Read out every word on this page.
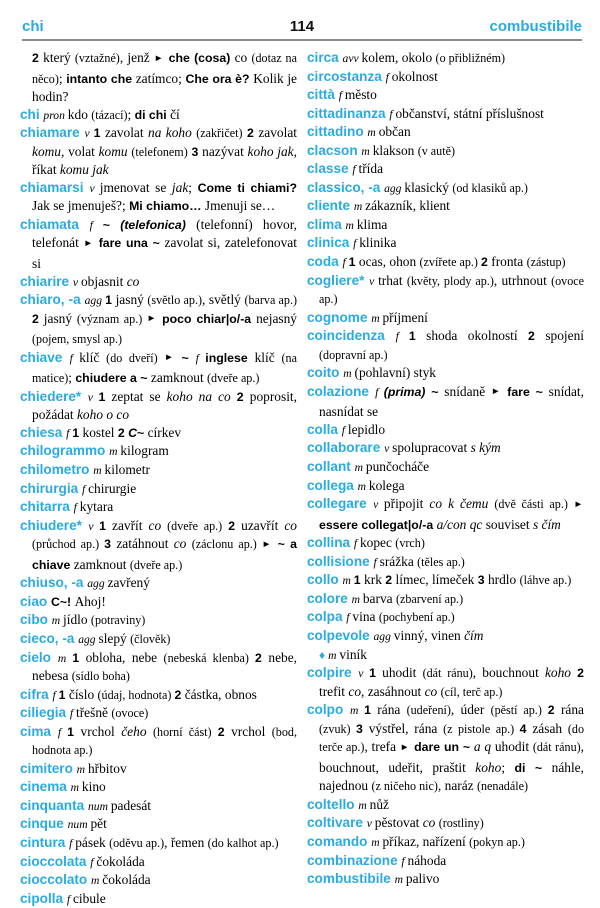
chi	114	combustibile

2 který (vztažné), jenž ► che (cosa) co (dotaz na něco); intanto che zatímco; Che ora è? Kolik je hodin?

chi pron kdo (tázací); di chi čí

chiamare v 1 zavolat na koho (zakřičet) 2 zavolat komu, volat komu (telefonem) 3 nazývat koho jak, říkat komu jak

chiamarsi v jmenovat se jak; Come ti chiami? Jak se jmenuješ?; Mi chiamo… Jmenuji se…

chiamata f ~ (telefonica) (telefonní) hovor, telefonát ► fare una ~ zavolat si, zatelefonovat si

chiarire v objasnit co

chiaro, -a agg 1 jasný (světlo ap.), světlý (barva ap.) 2 jasný (význam ap.) ► poco chiar|o/-a nejasný (pojem, smysl ap.)

chiave f klíč (do dveří) ► ~ f inglese klíč (na matice); chiudere a ~ zamknout (dveře ap.)

chiedere* v 1 zeptat se koho na co 2 poprosit, požádat koho o co

chiesa f 1 kostel 2 C~ církev

chilogrammo m kilogram

chilometro m kilometr

chirurgia f chirurgie

chitarra f kytara

chiudere* v 1 zavřít co (dveře ap.) 2 uzavřít co (průchod ap.) 3 zatáhnout co (záclonu ap.) ► ~ a chiave zamknout (dveře ap.)

chiuso, -a agg zavřený

ciao C~! Ahoj!

cibo m jídlo (potraviny)

cieco, -a agg slepý (člověk)

cielo m 1 obloha, nebe (nebeská klenba) 2 nebe, nebesa (sídlo boha)

cifra f 1 číslo (údaj, hodnota) 2 částka, obnos

ciliegia f třešně (ovoce)

cima f 1 vrchol čeho (horní část) 2 vrchol (bod, hodnota ap.)

cimitero m hřbitov

cinema m kino

cinquanta num padesát

cinque num pět

cintura f pásek (oděvu ap.), řemen (do kalhot ap.)

cioccolata f čokoláda

cioccolato m čokoláda

cipolla f cibule

circa avv kolem, okolo (o přibližném)

circostanza f okolnost

città f město

cittadinanza f občanství, státní příslušnost

cittadino m občan

clacson m klakson (v autě)

classe f třída

classico, -a agg klasický (od klasiků ap.)

cliente m zákazník, klient

clima m klima

clinica f klinika

coda f 1 ocas, ohon (zvířete ap.) 2 fronta (zástup)

cogliere* v trhat (květy, plody ap.), utrhnout (ovoce ap.)

cognome m příjmení

coincidenza f 1 shoda okolností 2 spojení (dopravní ap.)

coito m (pohlavní) styk

colazione f (prima) ~ snídaně ► fare ~ snídat, nasnídat se

colla f lepidlo

collaborare v spolupracovat s kým

collant m punčocháče

collega m kolega

collegare v připojit co k čemu (dvě části ap.) ► essere collegat|o/-a a/con qc souviset s čím

collina f kopec (vrch)

collisione f srážka (těles ap.)

collo m 1 krk 2 límec, límeček 3 hrdlo (láhve ap.)

colore m barva (zbarvení ap.)

colpa f vina (pochybení ap.)

colpevole agg vinný, vinen čím
♦ m viník

colpire v 1 uhodit (dát ránu), bouchnout koho 2 trefit co, zasáhnout co (cíl, terč ap.)

colpo m 1 rána (udeření), úder (pěstí ap.) 2 rána (zvuk) 3 výstřel, rána (z pistole ap.) 4 zásah (do terče ap.), trefa ► dare un ~ a q uhodit (dát ránu), bouchnout, udeřit, praštit koho; di ~ náhle, najednou (z ničeho nic), naráz (nenadále)

coltello m nůž

coltivare v pěstovat co (rostliny)

comando m příkaz, nařízení (pokyn ap.)

combinazione f náhoda

combustibile m palivo
